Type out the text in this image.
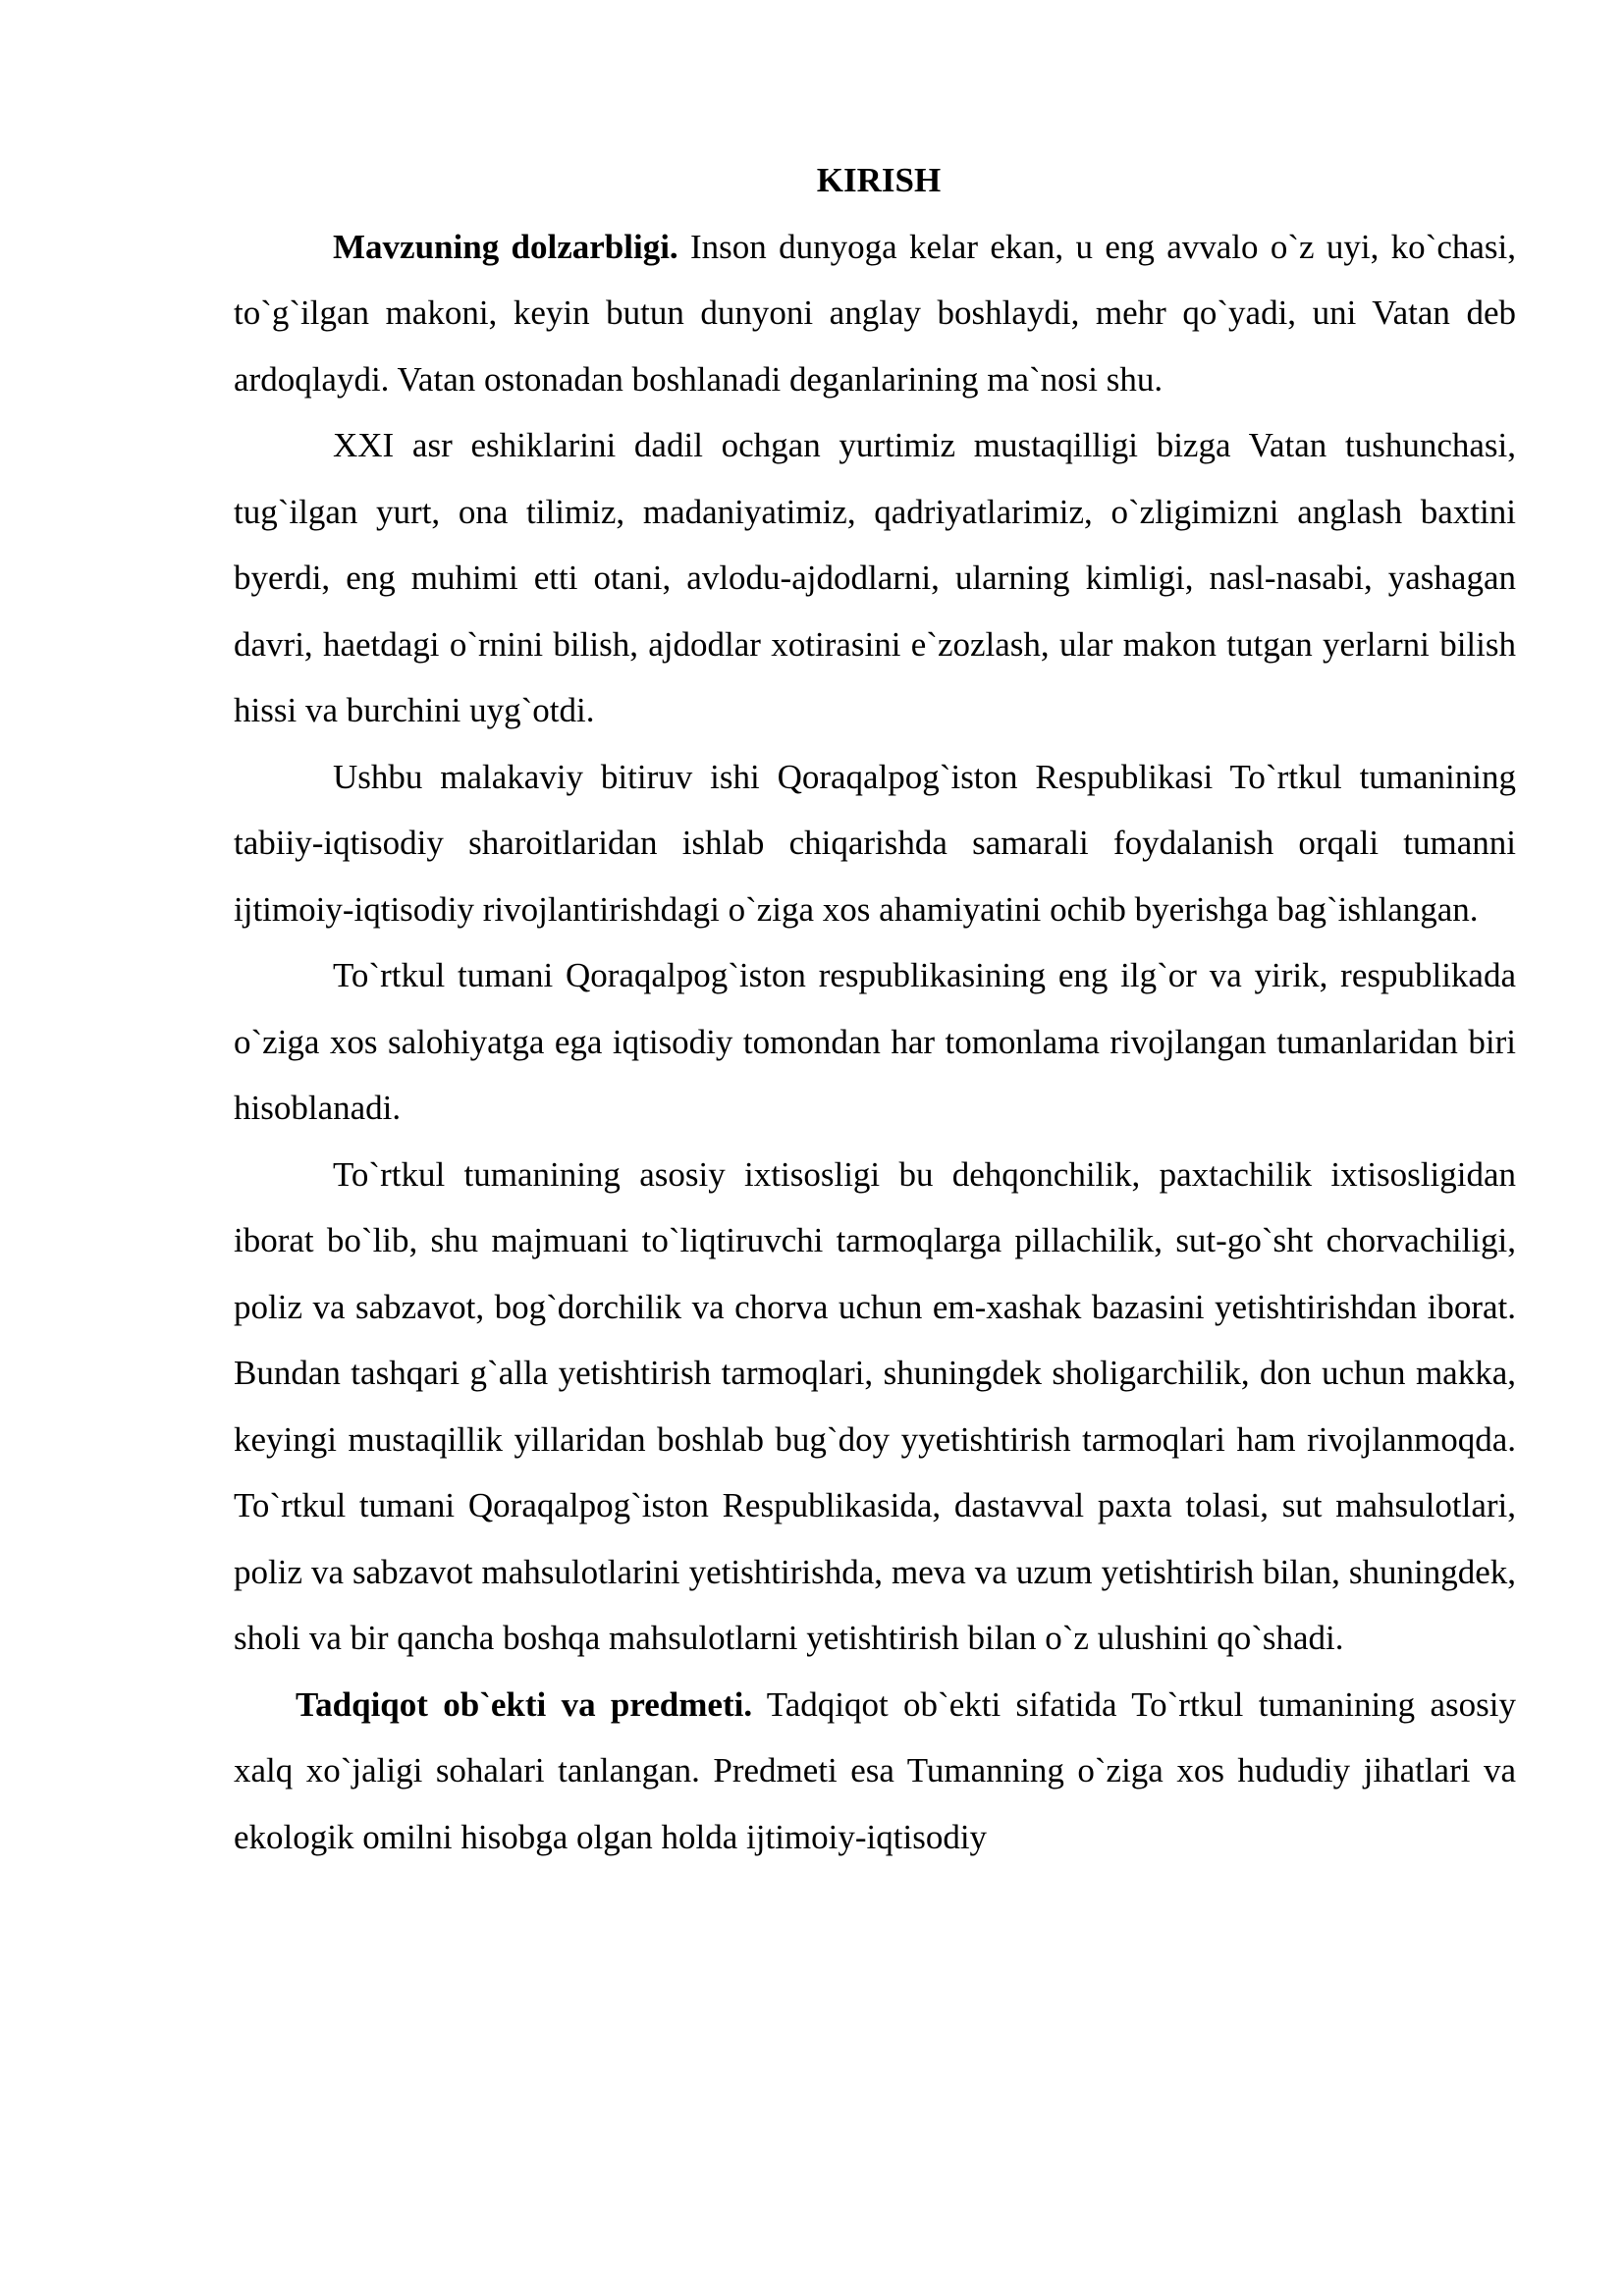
KIRISH

Mavzuning dolzarbligi. Inson dunyoga kelar ekan, u eng avvalo o`z uyi, ko`chasi, to`g`ilgan makoni, keyin butun dunyoni anglay boshlaydi, mehr qo`yadi, uni Vatan deb ardoqlaydi. Vatan ostonadan boshlanadi deganlarining ma`nosi shu.

XXI asr eshiklarini dadil ochgan yurtimiz mustaqilligi bizga Vatan tushunchasi, tug`ilgan yurt, ona tilimiz, madaniyatimiz, qadriyatlarimiz, o`zligimizni anglash baxtini byerdi, eng muhimi etti otani, avlodu-ajdodlarni, ularning kimligi, nasl-nasabi, yashagan davri, haetdagi o`rnini bilish, ajdodlar xotirasini e`zozlash, ular makon tutgan yerlarni bilish hissi va burchini uyg`otdi.

Ushbu malakaviy bitiruv ishi Qoraqalpog`iston Respublikasi To`rtkul tumanining tabiiy-iqtisodiy sharoitlaridan ishlab chiqarishda samarali foydalanish orqali tumanni ijtimoiy-iqtisodiy rivojlantirishdagi o`ziga xos ahamiyatini ochib byerishga bag`ishlangan.

To`rtkul tumani Qoraqalpog`iston respublikasining eng ilg`or va yirik, respublikada o`ziga xos salohiyatga ega iqtisodiy tomondan har tomonlama rivojlangan tumanlaridan biri hisoblanadi.

To`rtkul tumanining asosiy ixtisosligi bu dehqonchilik, paxtachilik ixtisosligidan iborat bo`lib, shu majmuani to`liqtiruvchi tarmoqlarga pillachilik, sut-go`sht chorvachiligi, poliz va sabzavot, bog`dorchilik va chorva uchun em-xashak bazasini yetishtirishdan iborat. Bundan tashqari g`alla yetishtirish tarmoqlari, shuningdek sholigarchilik, don uchun makka, keyingi mustaqillik yillaridan boshlab bug`doy yyetishtirish tarmoqlari ham rivojlanmoqda. To`rtkul tumani Qoraqalpog`iston Respublikasida, dastavval paxta tolasi, sut mahsulotlari, poliz va sabzavot mahsulotlarini yetishtirishda, meva va uzum yetishtirish bilan, shuningdek, sholi va bir qancha boshqa mahsulotlarni yetishtirish bilan o`z ulushini qo`shadi.

Tadqiqot ob`ekti va predmeti. Tadqiqot ob`ekti sifatida To`rtkul tumanining asosiy xalq xo`jaligi sohalari tanlangan. Predmeti esa Tumanning o`ziga xos hududiy jihatlari va ekologik omilni hisobga olgan holda ijtimoiy-iqtisodiy
